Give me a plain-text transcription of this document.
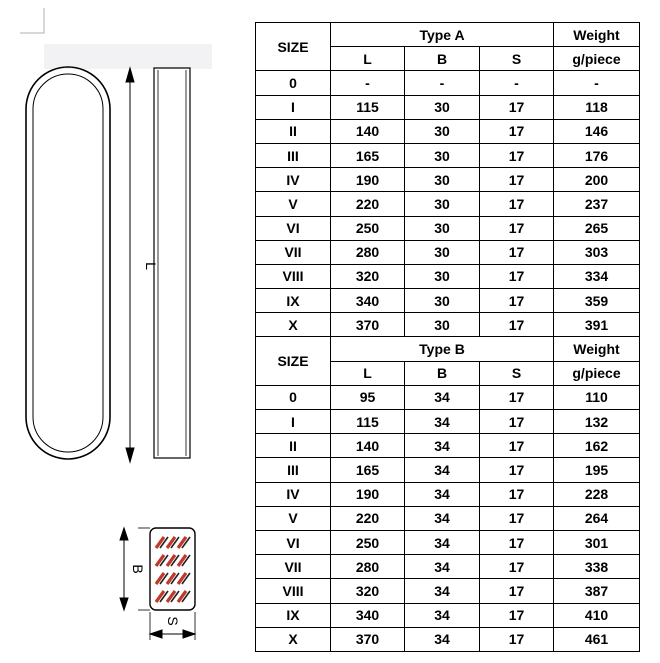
L
B
S
SIZE	Type A			Weight
	L	B	S	g/piece
0	-	-	-	-
I	115	30	17	118
II	140	30	17	146
III	165	30	17	176
IV	190	30	17	200
V	220	30	17	237
VI	250	30	17	265
VII	280	30	17	303
VIII	320	30	17	334
IX	340	30	17	359
X	370	30	17	391
SIZE	Type B			Weight
	L	B	S	g/piece
0	95	34	17	110
I	115	34	17	132
II	140	34	17	162
III	165	34	17	195
IV	190	34	17	228
V	220	34	17	264
VI	250	34	17	301
VII	280	34	17	338
VIII	320	34	17	387
IX	340	34	17	410
X	370	34	17	461
